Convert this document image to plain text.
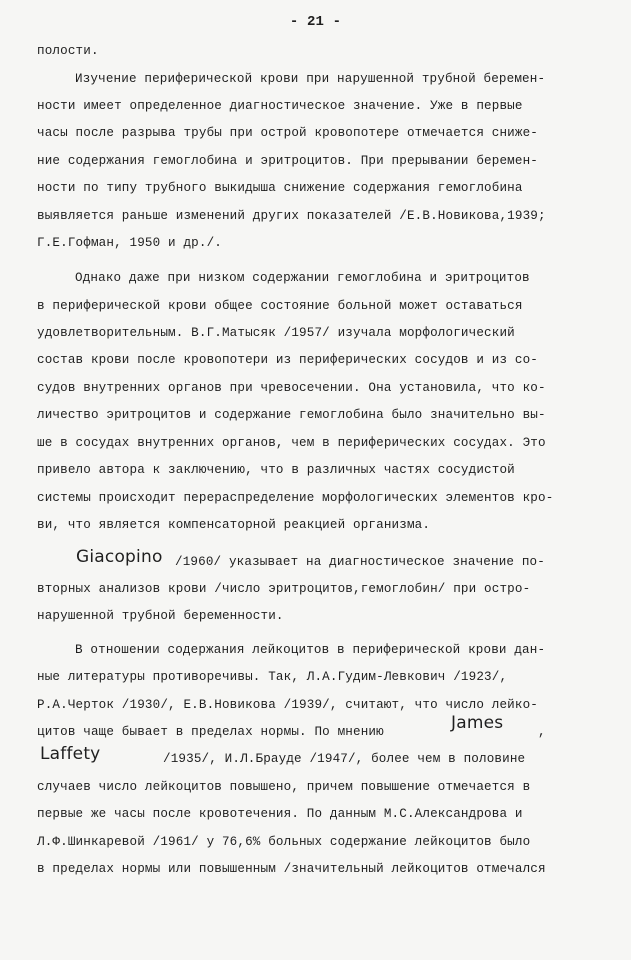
- 21 -
полости.
Изучение периферической крови при нарушенной трубной беремен-
ности имеет определенное диагностическое значение. Уже в первые
часы после разрыва трубы при острой кровопотере отмечается сниже-
ние содержания гемоглобина и эритроцитов. При прерывании беремен-
ности по типу трубного выкидыша снижение содержания гемоглобина
выявляется раньше изменений других показателей /Е.В.Новикова,1939;
Г.Е.Гофман, 1950 и др./.
Однако даже при низком содержании гемоглобина и эритроцитов
в периферической крови общее состояние больной может оставаться
удовлетворительным. В.Г.Матысяк /1957/ изучала морфологический
состав крови после кровопотери из периферических сосудов и из со-
судов внутренних органов при чревосечении. Она установила, что ко-
личество эритроцитов и содержание гемоглобина было значительно вы-
ше в сосудах внутренних органов, чем в периферических сосудах. Это
привело автора к заключению, что в различных частях сосудистой
системы происходит перераспределение морфологических элементов кро-
ви, что является компенсаторной реакцией организма.
Giacopino /1960/ указывает на диагностическое значение по-
вторных анализов крови /число эритроцитов,гемоглобин/ при остро-
нарушенной трубной беременности.
В отношении содержания лейкоцитов в периферической крови дан-
ные литературы противоречивы. Так, Л.А.Гудим-Левкович /1923/,
Р.А.Черток /1930/, Е.В.Новикова /1939/, считают, что число лейко-
цитов чаще бывает в пределах нормы. По мнению	James	,
Laffety	/1935/, И.Л.Брауде /1947/, более чем в половине
случаев число лейкоцитов повышено, причем повышение отмечается в
первые же часы после кровотечения. По данным М.С.Александрова и
Л.Ф.Шинкаревой /1961/ у 76,6% больных содержание лейкоцитов было
в пределах нормы или повышенным /значительный лейкоцитов отмечался
